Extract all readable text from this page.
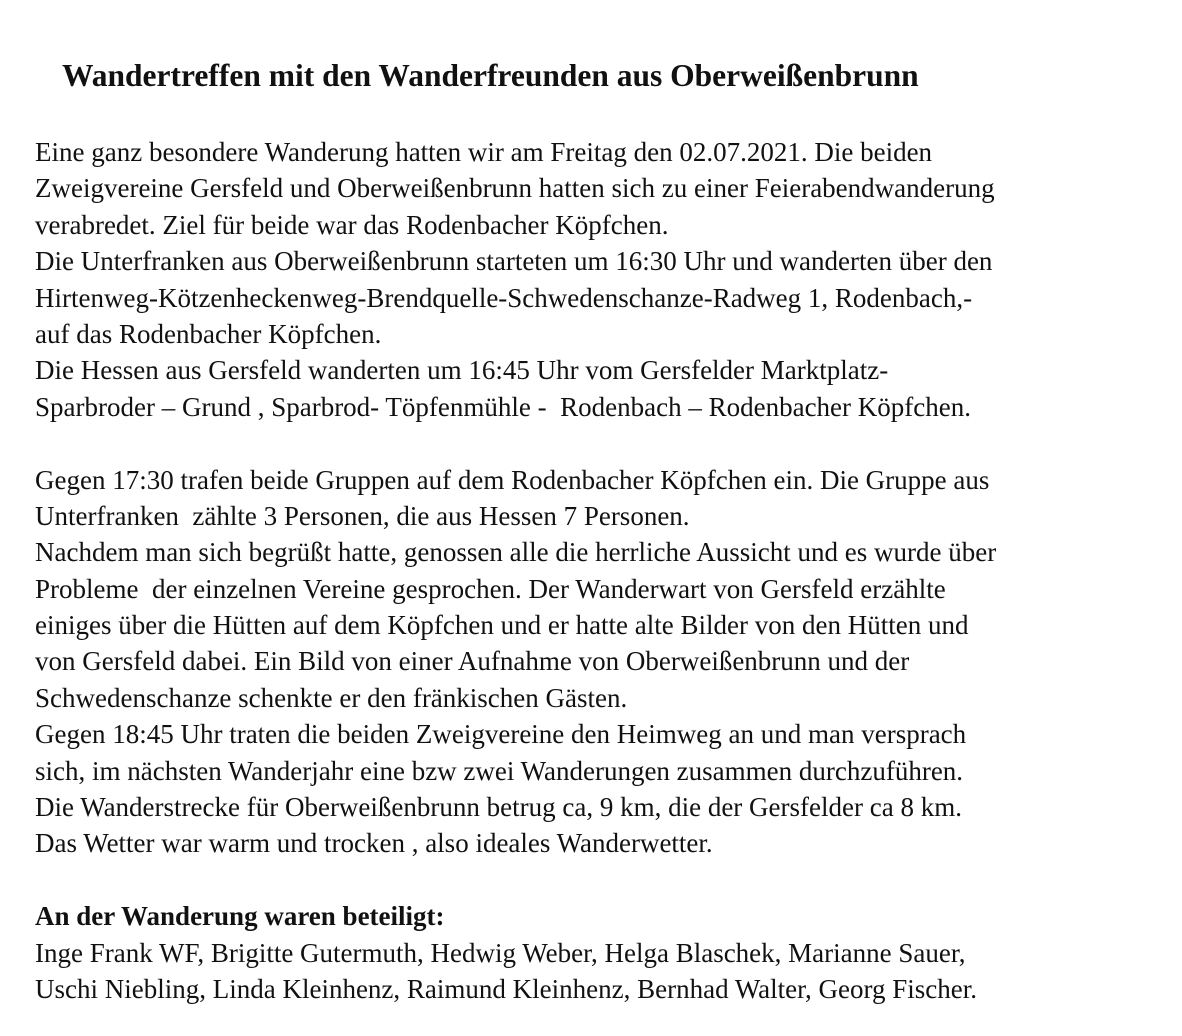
Wandertreffen mit den Wanderfreunden aus Oberweißenbrunn
Eine ganz besondere Wanderung hatten wir am Freitag den 02.07.2021. Die beiden
Zweigvereine Gersfeld und Oberweißenbrunn hatten sich zu einer Feierabendwanderung
verabredet. Ziel für beide war das Rodenbacher Köpfchen.
Die Unterfranken aus Oberweißenbrunn starteten um 16:30 Uhr und wanderten über den
Hirtenweg-Kötzenheckenweg-Brendquelle-Schwedenschanze-Radweg 1, Rodenbach,-
auf das Rodenbacher Köpfchen.
Die Hessen aus Gersfeld wanderten um 16:45 Uhr vom Gersfelder Marktplatz-
Sparbroder – Grund , Sparbrod- Töpfenmühle -  Rodenbach – Rodenbacher Köpfchen.
Gegen 17:30 trafen beide Gruppen auf dem Rodenbacher Köpfchen ein. Die Gruppe aus
Unterfranken  zählte 3 Personen, die aus Hessen 7 Personen.
Nachdem man sich begrüßt hatte, genossen alle die herrliche Aussicht und es wurde über
Probleme  der einzelnen Vereine gesprochen. Der Wanderwart von Gersfeld erzählte
einiges über die Hütten auf dem Köpfchen und er hatte alte Bilder von den Hütten und
von Gersfeld dabei. Ein Bild von einer Aufnahme von Oberweißenbrunn und der
Schwedenschanze schenkte er den fränkischen Gästen.
Gegen 18:45 Uhr traten die beiden Zweigvereine den Heimweg an und man versprach
sich, im nächsten Wanderjahr eine bzw zwei Wanderungen zusammen durchzuführen.
Die Wanderstrecke für Oberweißenbrunn betrug ca, 9 km, die der Gersfelder ca 8 km.
Das Wetter war warm und trocken , also ideales Wanderwetter.
An der Wanderung waren beteiligt:
Inge Frank WF, Brigitte Gutermuth, Hedwig Weber, Helga Blaschek, Marianne Sauer,
Uschi Niebling, Linda Kleinhenz, Raimund Kleinhenz, Bernhad Walter, Georg Fischer.
